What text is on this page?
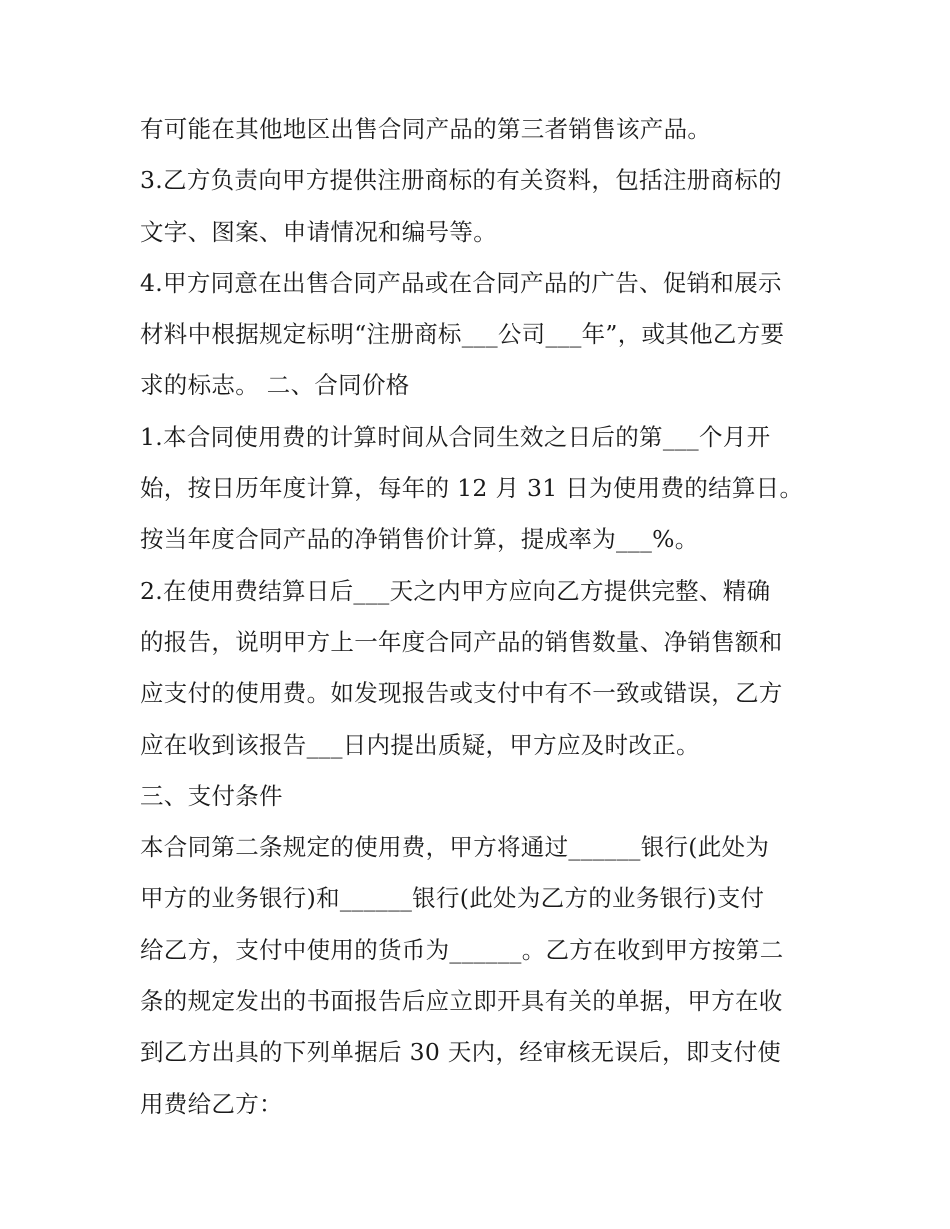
有可能在其他地区出售合同产品的第三者销售该产品。
3.乙方负责向甲方提供注册商标的有关资料，包括注册商标的
文字、图案、申请情况和编号等。
4.甲方同意在出售合同产品或在合同产品的广告、促销和展示
材料中根据规定标明“注册商标___公司___年”，或其他乙方要
求的标志。 二、合同价格
1.本合同使用费的计算时间从合同生效之日后的第___个月开
始，按日历年度计算，每年的 12 月 31 日为使用费的结算日。
按当年度合同产品的净销售价计算，提成率为___%。
2.在使用费结算日后___天之内甲方应向乙方提供完整、精确
的报告，说明甲方上一年度合同产品的销售数量、净销售额和
应支付的使用费。如发现报告或支付中有不一致或错误，乙方
应在收到该报告___日内提出质疑，甲方应及时改正。
三、支付条件
本合同第二条规定的使用费，甲方将通过______银行(此处为
甲方的业务银行)和______银行(此处为乙方的业务银行)支付
给乙方，支付中使用的货币为______。乙方在收到甲方按第二
条的规定发出的书面报告后应立即开具有关的单据，甲方在收
到乙方出具的下列单据后 30 天内，经审核无误后，即支付使
用费给乙方：
